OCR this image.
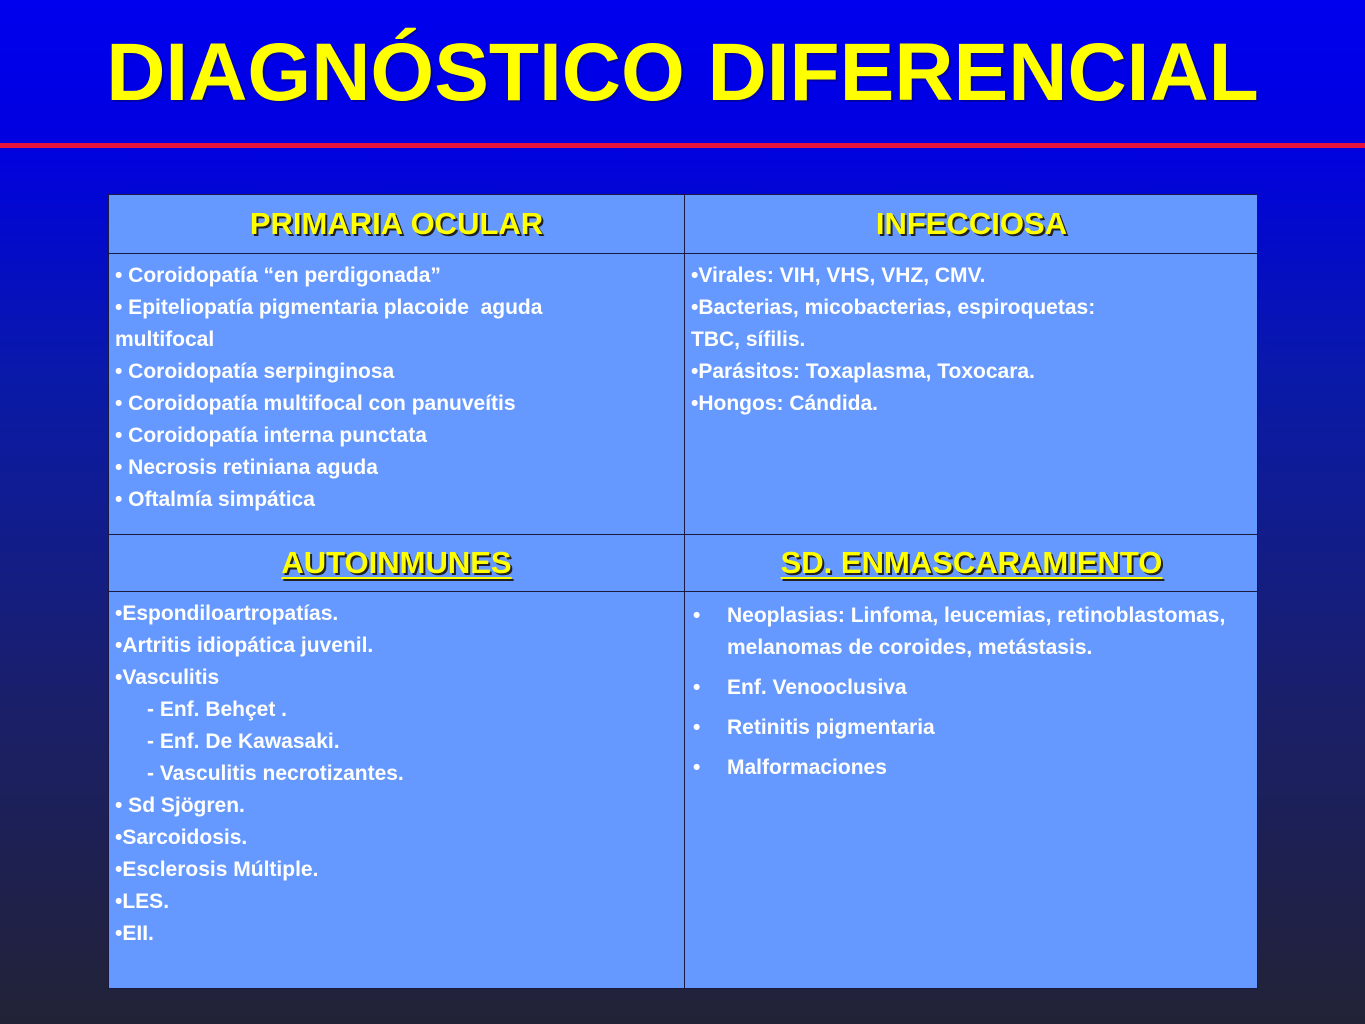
DIAGNÓSTICO DIFERENCIAL
PRIMARIA OCULAR	INFECCIOSA

• Coroidopatía “en perdigonada”

• Epiteliopatía pigmentaria placoide  aguda

multifocal

• Coroidopatía serpinginosa

• Coroidopatía multifocal con panuveítis

• Coroidopatía interna punctata

• Necrosis retiniana aguda

• Oftalmía simpática

•Virales: VIH, VHS, VHZ, CMV.

•Bacterias, micobacterias, espiroquetas:

TBC, sífilis.

•Parásitos: Toxaplasma, Toxocara.

•Hongos: Cándida.

AUTOINMUNES	SD. ENMASCARAMIENTO

•Espondiloartropatías.

•Artritis idiopática juvenil.

•Vasculitis

- Enf. Behçet .

- Enf. De Kawasaki.

- Vasculitis necrotizantes.

• Sd Sjögren.

•Sarcoidosis.

•Esclerosis Múltiple.

•LES.

•EII.

• Neoplasias: Linfoma, leucemias, retinoblastomas, melanomas de coroides, metástasis.
• Enf. Venooclusiva
• Retinitis pigmentaria
• Malformaciones
